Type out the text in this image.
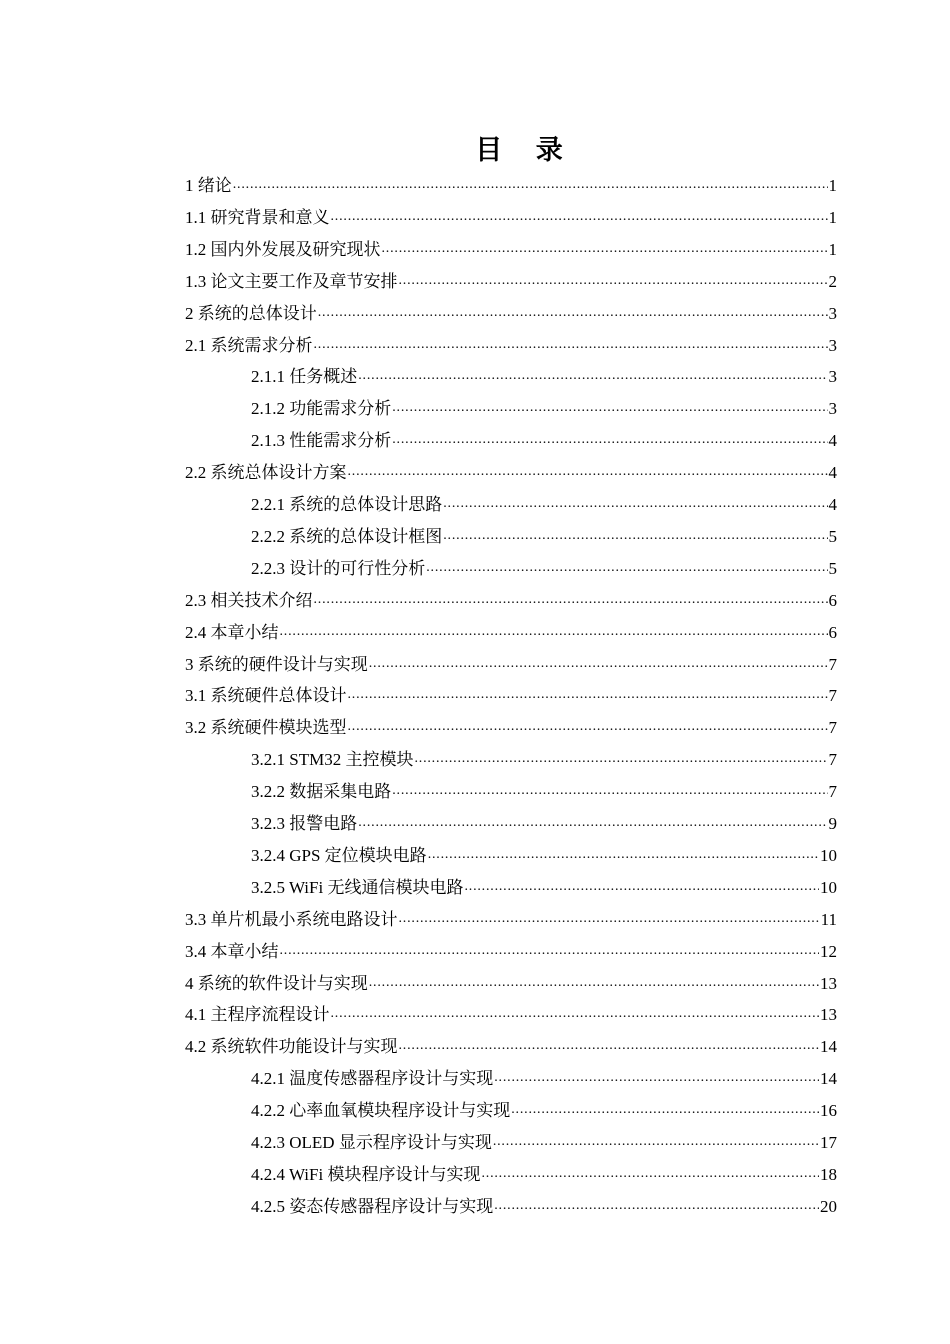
目 录
1 绪论 .....	1
1.1 研究背景和意义 .....	1
1.2 国内外发展及研究现状 .....	1
1.3 论文主要工作及章节安排 .....	2
2 系统的总体设计 .....	3
2.1 系统需求分析 .....	3
2.1.1 任务概述 .....	3
2.1.2 功能需求分析 .....	3
2.1.3 性能需求分析 .....	4
2.2 系统总体设计方案 .....	4
2.2.1 系统的总体设计思路 .....	4
2.2.2 系统的总体设计框图 .....	5
2.2.3 设计的可行性分析 .....	5
2.3 相关技术介绍 .....	6
2.4 本章小结 .....	6
3 系统的硬件设计与实现 .....	7
3.1 系统硬件总体设计 .....	7
3.2 系统硬件模块选型 .....	7
3.2.1 STM32 主控模块 .....	7
3.2.2 数据采集电路 .....	7
3.2.3 报警电路 .....	9
3.2.4 GPS 定位模块电路 .....	10
3.2.5 WiFi 无线通信模块电路 .....	10
3.3 单片机最小系统电路设计 .....	11
3.4 本章小结 .....	12
4 系统的软件设计与实现 .....	13
4.1 主程序流程设计 .....	13
4.2 系统软件功能设计与实现 .....	14
4.2.1 温度传感器程序设计与实现 .....	14
4.2.2 心率血氧模块程序设计与实现 .....	16
4.2.3 OLED 显示程序设计与实现 .....	17
4.2.4 WiFi 模块程序设计与实现 .....	18
4.2.5 姿态传感器程序设计与实现 .....	20
